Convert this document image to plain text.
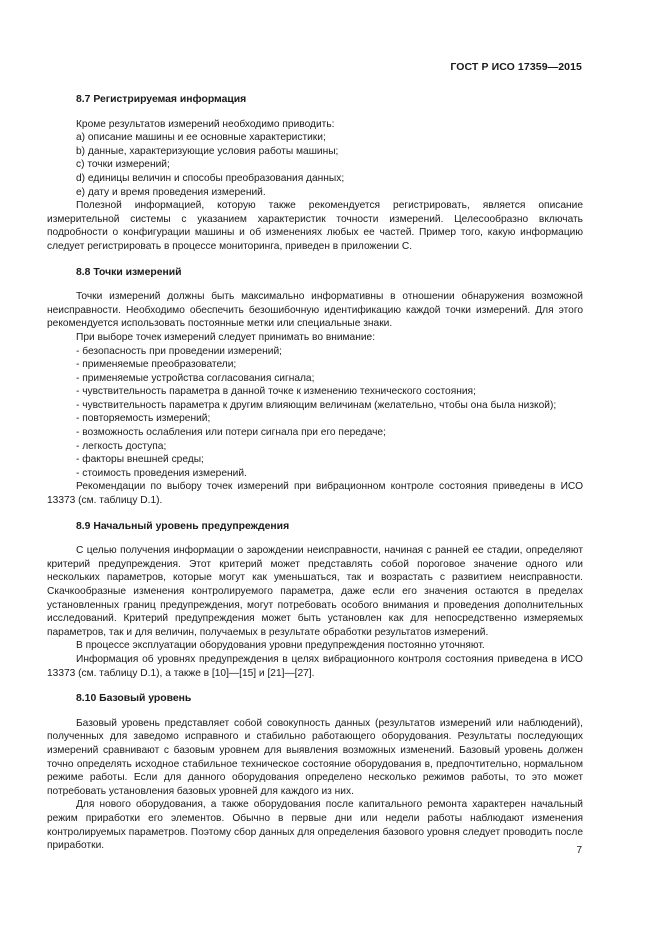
ГОСТ Р ИСО 17359—2015
8.7 Регистрируемая информация

Кроме результатов измерений необходимо приводить:

а) описание машины и ее основные характеристики;
b) данные, характеризующие условия работы машины;
с) точки измерений;
d) единицы величин и способы преобразования данных;
e) дату и время проведения измерений.

Полезной информацией, которую также рекомендуется регистрировать, является описание измерительной системы с указанием характеристик точности измерений. Целесообразно включать подробности о конфигурации машины и об изменениях любых ее частей. Пример того, какую информацию следует регистрировать в процессе мониторинга, приведен в приложении С.

8.8 Точки измерений

Точки измерений должны быть максимально информативны в отношении обнаружения возможной неисправности. Необходимо обеспечить безошибочную идентификацию каждой точки измерений. Для этого рекомендуется использовать постоянные метки или специальные знаки.

При выборе точек измерений следует принимать во внимание:

- безопасность при проведении измерений;
- применяемые преобразователи;
- применяемые устройства согласования сигнала;
- чувствительность параметра в данной точке к изменению технического состояния;
- чувствительность параметра к другим влияющим величинам (желательно, чтобы она была низкой);
- повторяемость измерений;
- возможность ослабления или потери сигнала при его передаче;
- легкость доступа;
- факторы внешней среды;
- стоимость проведения измерений.

Рекомендации по выбору точек измерений при вибрационном контроле состояния приведены в ИСО 13373 (см. таблицу D.1).

8.9 Начальный уровень предупреждения

С целью получения информации о зарождении неисправности, начиная с ранней ее стадии, определяют критерий предупреждения. Этот критерий может представлять собой пороговое значение одного или нескольких параметров, которые могут как уменьшаться, так и возрастать с развитием неисправности. Скачкообразные изменения контролируемого параметра, даже если его значения остаются в пределах установленных границ предупреждения, могут потребовать особого внимания и проведения дополнительных исследований. Критерий предупреждения может быть установлен как для непосредственно измеряемых параметров, так и для величин, получаемых в результате обработки результатов измерений.

В процессе эксплуатации оборудования уровни предупреждения постоянно уточняют.

Информация об уровнях предупреждения в целях вибрационного контроля состояния приведена в ИСО 13373 (см. таблицу D.1), а также в [10]—[15] и [21]—[27].

8.10 Базовый уровень

Базовый уровень представляет собой совокупность данных (результатов измерений или наблюдений), полученных для заведомо исправного и стабильно работающего оборудования. Результаты последующих измерений сравнивают с базовым уровнем для выявления возможных изменений. Базовый уровень должен точно определять исходное стабильное техническое состояние оборудования в, предпочтительно, нормальном режиме работы. Если для данного оборудования определено несколько режимов работы, то это может потребовать установления базовых уровней для каждого из них.

Для нового оборудования, а также оборудования после капитального ремонта характерен начальный режим приработки его элементов. Обычно в первые дни или недели работы наблюдают изменения контролируемых параметров. Поэтому сбор данных для определения базового уровня следует проводить после приработки.	7
